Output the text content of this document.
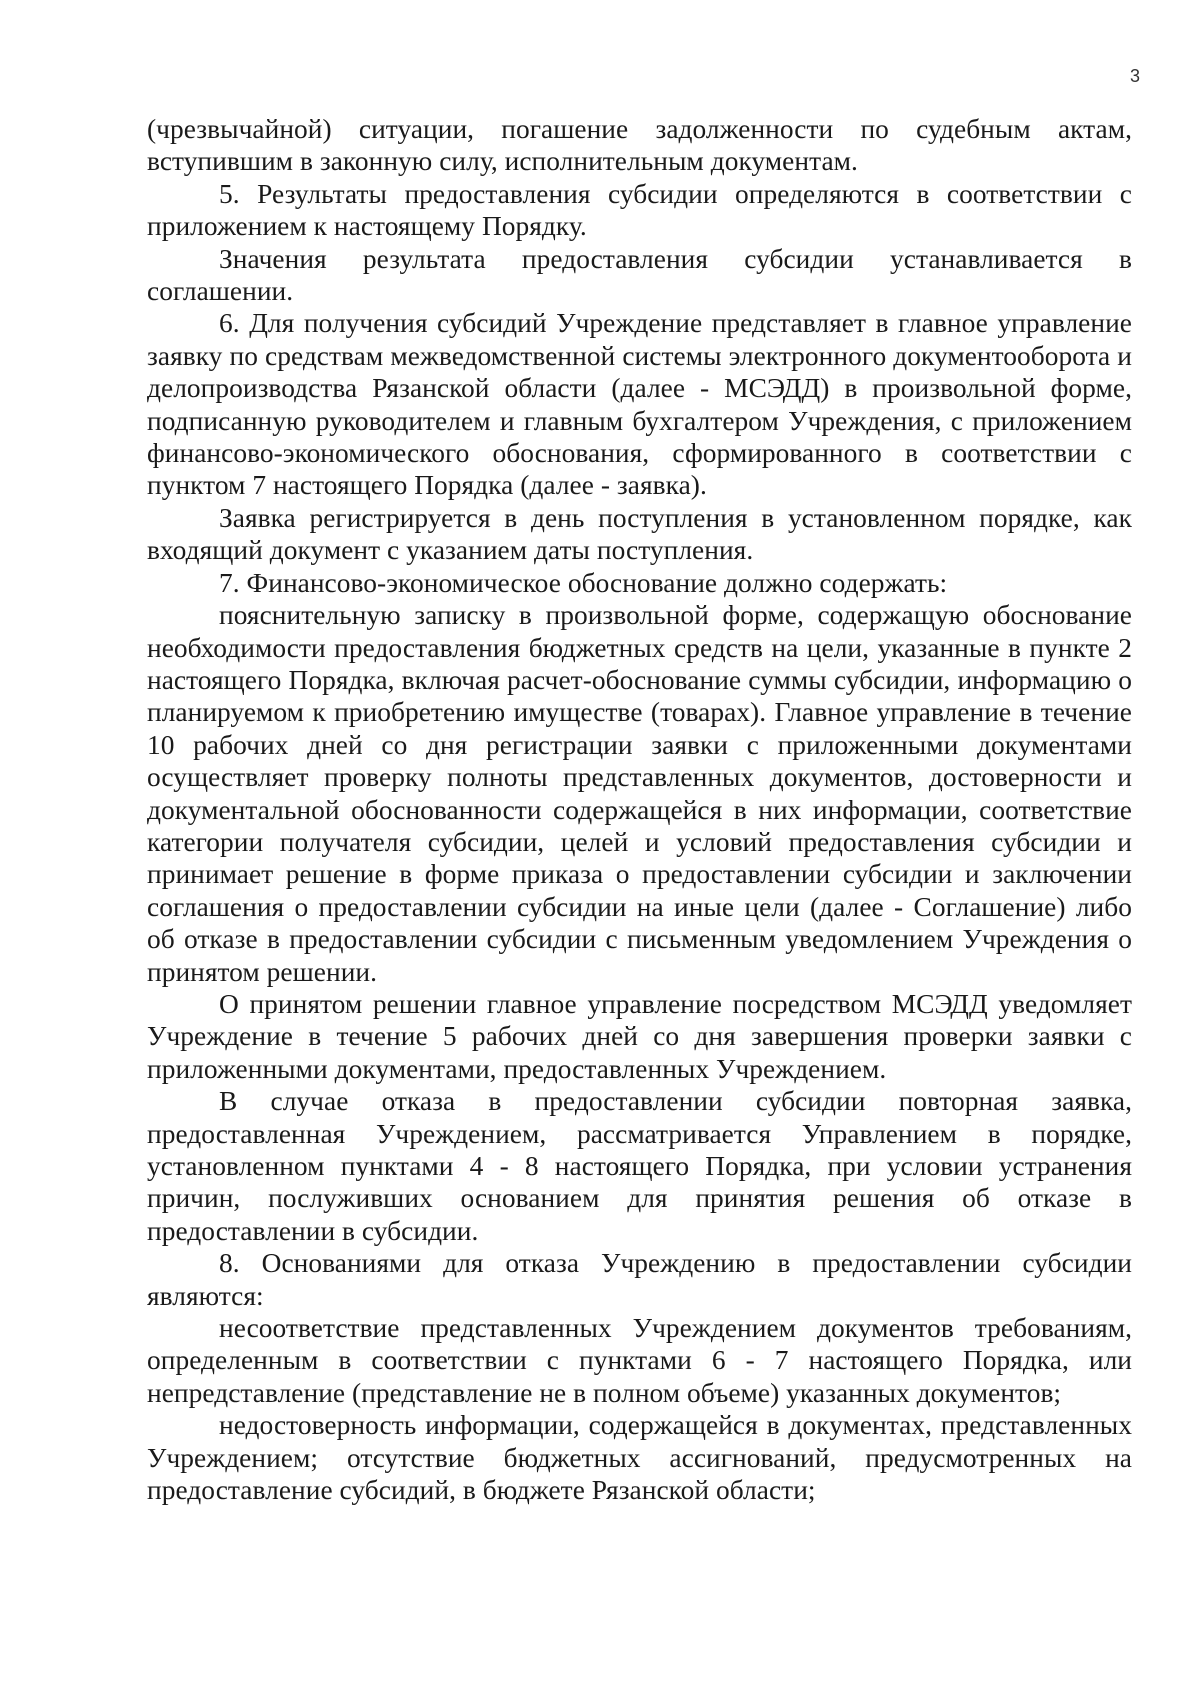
3

(чрезвычайной) ситуации, погашение задолженности по судебным актам, вступившим в законную силу, исполнительным документам.

5. Результаты предоставления субсидии определяются в соответствии с приложением к настоящему Порядку.

Значения результата предоставления субсидии устанавливается в соглашении.

6. Для получения субсидий Учреждение представляет в главное управление заявку по средствам межведомственной системы электронного документооборота и делопроизводства Рязанской области (далее - МСЭДД) в произвольной форме, подписанную руководителем и главным бухгалтером Учреждения, с приложением финансово-экономического обоснования, сформированного в соответствии с пунктом 7 настоящего Порядка (далее - заявка).

Заявка регистрируется в день поступления в установленном порядке, как входящий документ с указанием даты поступления.

7. Финансово-экономическое обоснование должно содержать:

пояснительную записку в произвольной форме, содержащую обоснование необходимости предоставления бюджетных средств на цели, указанные в пункте 2 настоящего Порядка, включая расчет-обоснование суммы субсидии, информацию о планируемом к приобретению имуществе (товарах). Главное управление в течение 10 рабочих дней со дня регистрации заявки с приложенными документами осуществляет проверку полноты представленных документов, достоверности и документальной обоснованности содержащейся в них информации, соответствие категории получателя субсидии, целей и условий предоставления субсидии и принимает решение в форме приказа о предоставлении субсидии и заключении соглашения о предоставлении субсидии на иные цели (далее - Соглашение) либо об отказе в предоставлении субсидии с письменным уведомлением Учреждения о принятом решении.

О принятом решении главное управление посредством МСЭДД уведомляет Учреждение в течение 5 рабочих дней со дня завершения проверки заявки с приложенными документами, предоставленных Учреждением.

В случае отказа в предоставлении субсидии повторная заявка, предоставленная Учреждением, рассматривается Управлением в порядке, установленном пунктами 4 - 8 настоящего Порядка, при условии устранения причин, послуживших основанием для принятия решения об отказе в предоставлении в субсидии.

8. Основаниями для отказа Учреждению в предоставлении субсидии являются:

несоответствие представленных Учреждением документов требованиям, определенным в соответствии с пунктами 6 - 7 настоящего Порядка, или непредставление (представление не в полном объеме) указанных документов;

недостоверность информации, содержащейся в документах, представленных Учреждением; отсутствие бюджетных ассигнований, предусмотренных на предоставление субсидий, в бюджете Рязанской области;
